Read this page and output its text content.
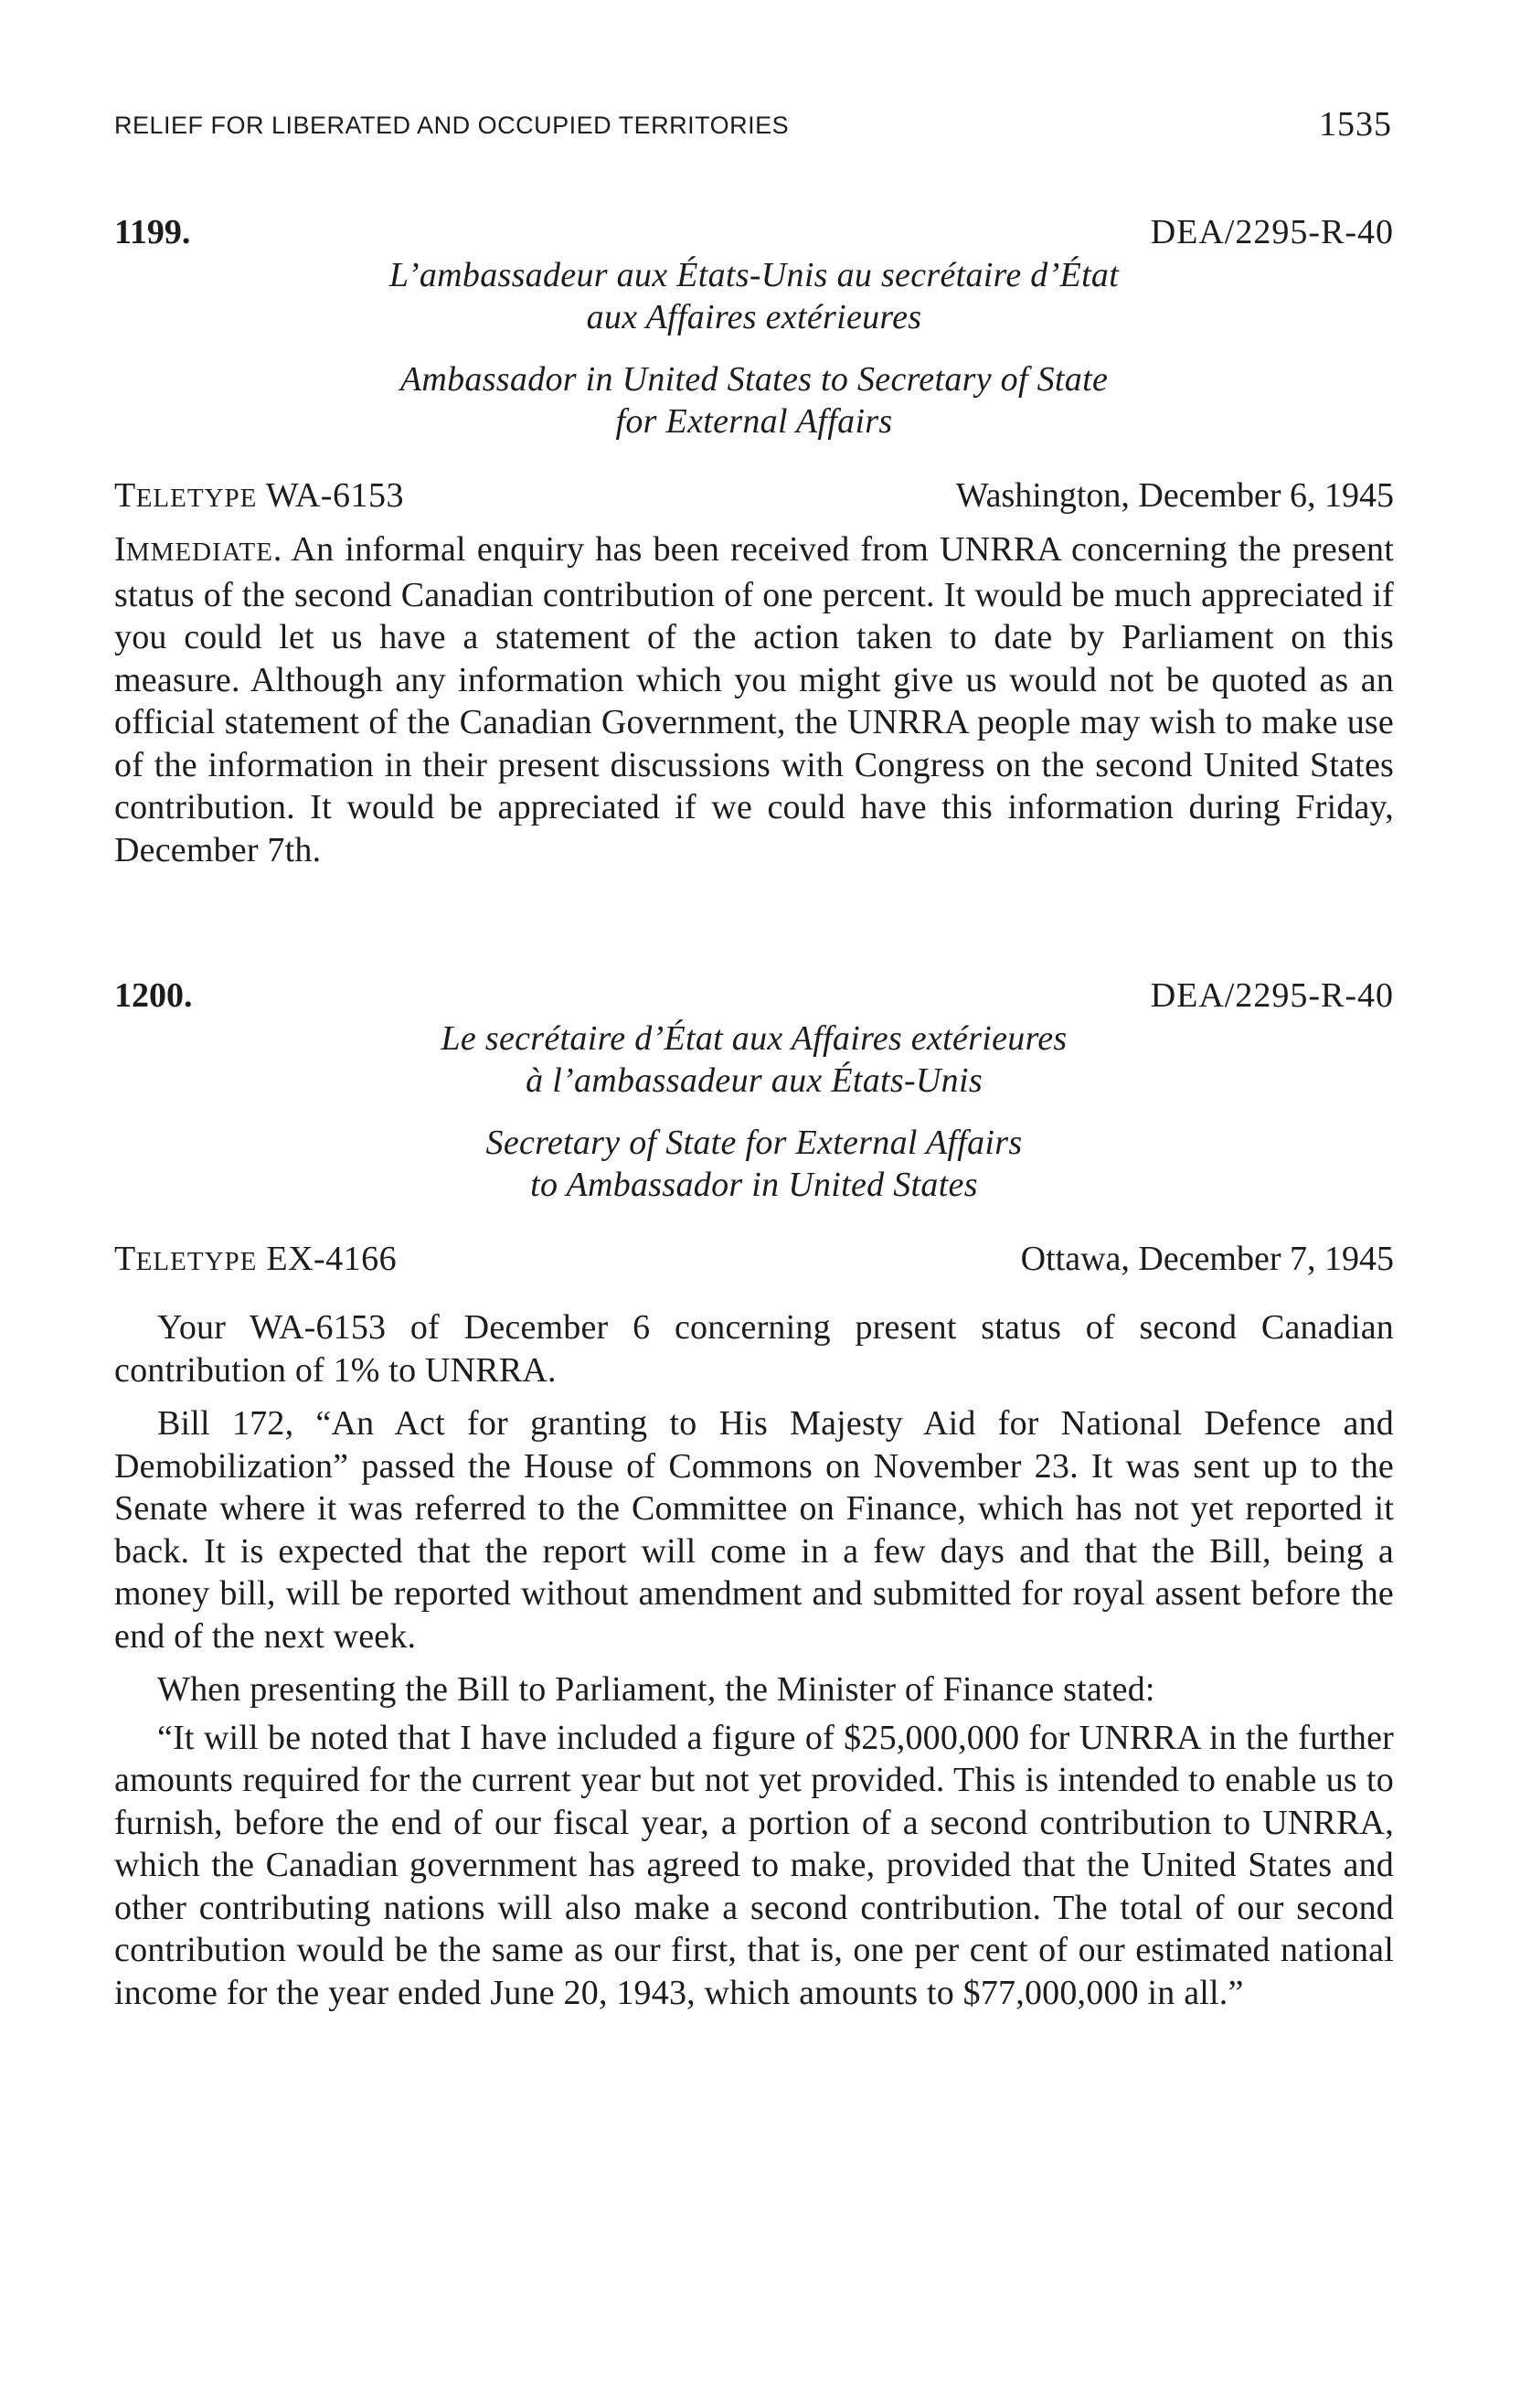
RELIEF FOR LIBERATED AND OCCUPIED TERRITORIES	1535
1199.	DEA/2295-R-40
L’ambassadeur aux États-Unis au secrétaire d’État
aux Affaires extérieures
Ambassador in United States to Secretary of State
for External Affairs
TELETYPE WA-6153	Washington, December 6, 1945

IMMEDIATE. An informal enquiry has been received from UNRRA concerning the present status of the second Canadian contribution of one percent. It would be much appreciated if you could let us have a statement of the action taken to date by Parliament on this measure. Although any information which you might give us would not be quoted as an official statement of the Canadian Government, the UNRRA people may wish to make use of the information in their present discussions with Congress on the second United States contribution. It would be appreciated if we could have this information during Friday, December 7th.

1200.	DEA/2295-R-40
Le secrétaire d’État aux Affaires extérieures
à l’ambassadeur aux États-Unis
Secretary of State for External Affairs
to Ambassador in United States
TELETYPE EX-4166	Ottawa, December 7, 1945

Your WA-6153 of December 6 concerning present status of second Canadian contribution of 1% to UNRRA.

Bill 172, “An Act for granting to His Majesty Aid for National Defence and Demobilization” passed the House of Commons on November 23. It was sent up to the Senate where it was referred to the Committee on Finance, which has not yet reported it back. It is expected that the report will come in a few days and that the Bill, being a money bill, will be reported without amendment and submitted for royal assent before the end of the next week.

When presenting the Bill to Parliament, the Minister of Finance stated:

“It will be noted that I have included a figure of $25,000,000 for UNRRA in the further amounts required for the current year but not yet provided. This is intended to enable us to furnish, before the end of our fiscal year, a portion of a second contribution to UNRRA, which the Canadian government has agreed to make, provided that the United States and other contributing nations will also make a second contribution. The total of our second contribution would be the same as our first, that is, one per cent of our estimated national income for the year ended June 20, 1943, which amounts to $77,000,000 in all.”
